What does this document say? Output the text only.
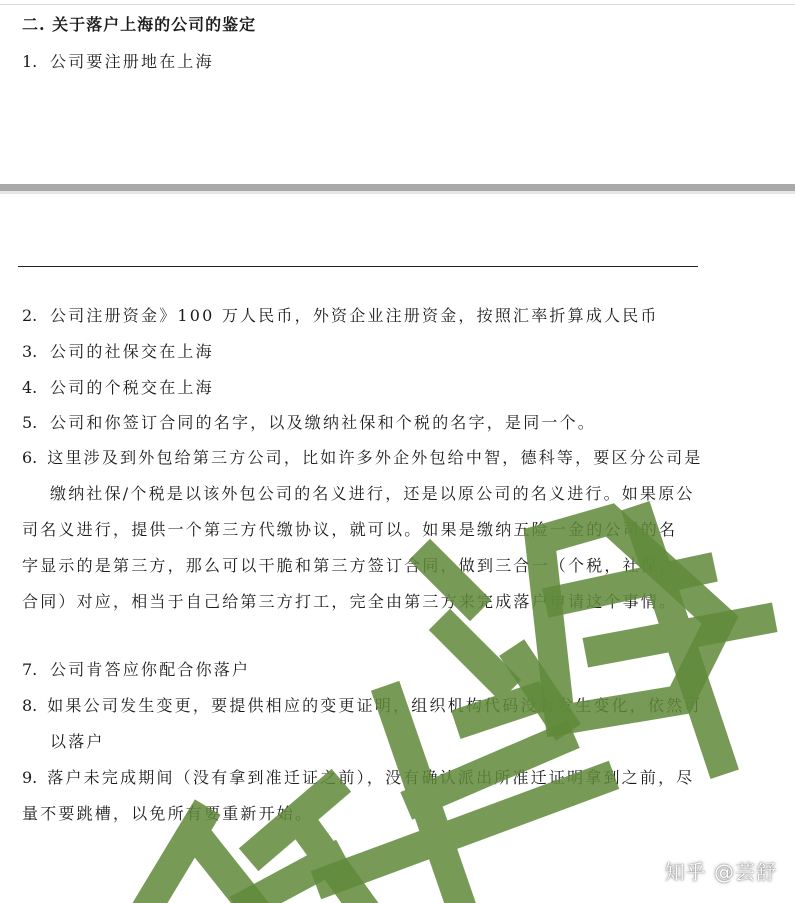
二. 关于落户上海的公司的鉴定
1. 公司要注册地在上海
2. 公司注册资金》100 万人民币，外资企业注册资金，按照汇率折算成人民币
3. 公司的社保交在上海
4. 公司的个税交在上海
5. 公司和你签订合同的名字，以及缴纳社保和个税的名字，是同一个。
6. 这里涉及到外包给第三方公司，比如许多外企外包给中智，德科等，要区分公司是
缴纳社保/个税是以该外包公司的名义进行，还是以原公司的名义进行。如果原公
司名义进行，提供一个第三方代缴协议，就可以。如果是缴纳五险一金的公司的名
字显示的是第三方，那么可以干脆和第三方签订合同，做到三合一（个税，社保，
合同）对应，相当于自己给第三方打工，完全由第三方来完成落户申请这个事情。
7. 公司肯答应你配合你落户
8. 如果公司发生变更，要提供相应的变更证明，组织机构代码没有发生变化，依然可
以落户
9. 落户未完成期间（没有拿到准迁证之前），没有确认派出所准迁证明拿到之前，尽
量不要跳槽，以免所有要重新开始。
知乎 @芸舒
